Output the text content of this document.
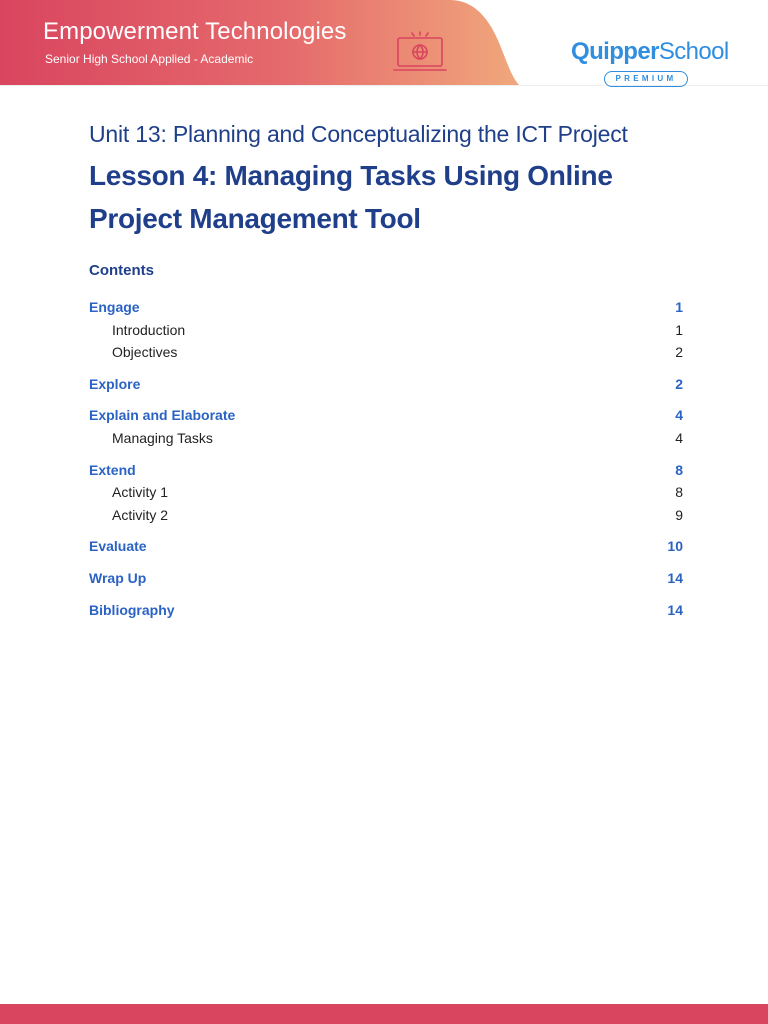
Empowerment Technologies
Senior High School Applied - Academic	QuipperSchool
PREMIUM
Unit 13: Planning and Conceptualizing the ICT Project
Lesson 4: Managing Tasks Using Online Project Management Tool
Contents
Engage	1
Introduction	1
Objectives	2
Explore	2
Explain and Elaborate	4
Managing Tasks	4
Extend	8
Activity 1	8
Activity 2	9
Evaluate	10
Wrap Up	14
Bibliography	14
